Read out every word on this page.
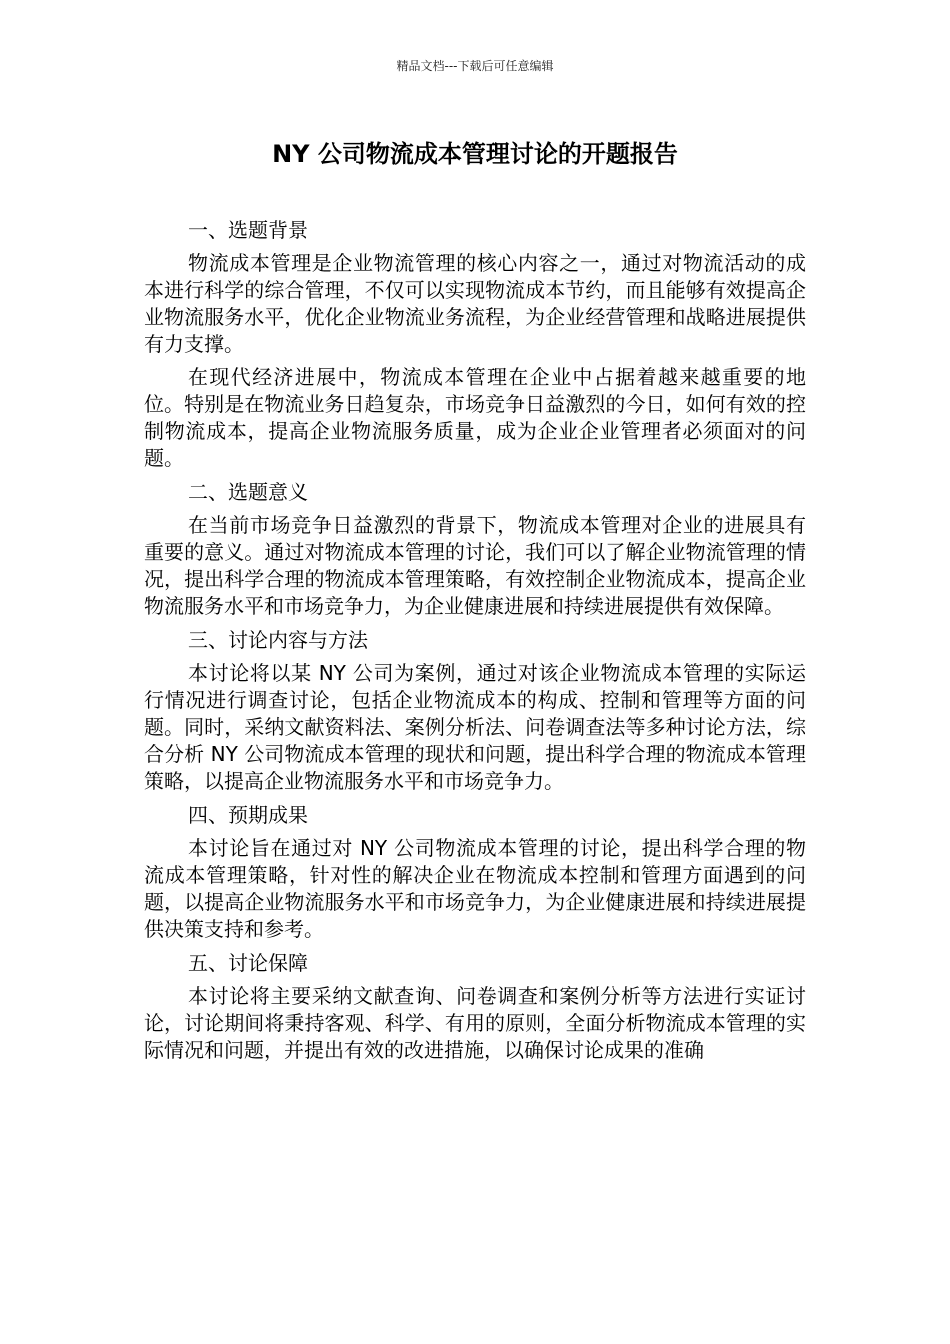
精品文档---下载后可任意编辑
NY 公司物流成本管理讨论的开题报告

一、选题背景

物流成本管理是企业物流管理的核心内容之一，通过对物流活动的成本进行科学的综合管理，不仅可以实现物流成本节约，而且能够有效提高企业物流服务水平，优化企业物流业务流程，为企业经营管理和战略进展提供有力支撑。

在现代经济进展中，物流成本管理在企业中占据着越来越重要的地位。特别是在物流业务日趋复杂，市场竞争日益激烈的今日，如何有效的控制物流成本，提高企业物流服务质量，成为企业企业管理者必须面对的问题。

二、选题意义

在当前市场竞争日益激烈的背景下，物流成本管理对企业的进展具有重要的意义。通过对物流成本管理的讨论，我们可以了解企业物流管理的情况，提出科学合理的物流成本管理策略，有效控制企业物流成本，提高企业物流服务水平和市场竞争力，为企业健康进展和持续进展提供有效保障。

三、讨论内容与方法

本讨论将以某 NY 公司为案例，通过对该企业物流成本管理的实际运行情况进行调查讨论，包括企业物流成本的构成、控制和管理等方面的问题。同时，采纳文献资料法、案例分析法、问卷调查法等多种讨论方法，综合分析 NY 公司物流成本管理的现状和问题，提出科学合理的物流成本管理策略，以提高企业物流服务水平和市场竞争力。

四、预期成果

本讨论旨在通过对 NY 公司物流成本管理的讨论，提出科学合理的物流成本管理策略，针对性的解决企业在物流成本控制和管理方面遇到的问题，以提高企业物流服务水平和市场竞争力，为企业健康进展和持续进展提供决策支持和参考。

五、讨论保障

本讨论将主要采纳文献查询、问卷调查和案例分析等方法进行实证讨论，讨论期间将秉持客观、科学、有用的原则，全面分析物流成本管理的实际情况和问题，并提出有效的改进措施，以确保讨论成果的准确
